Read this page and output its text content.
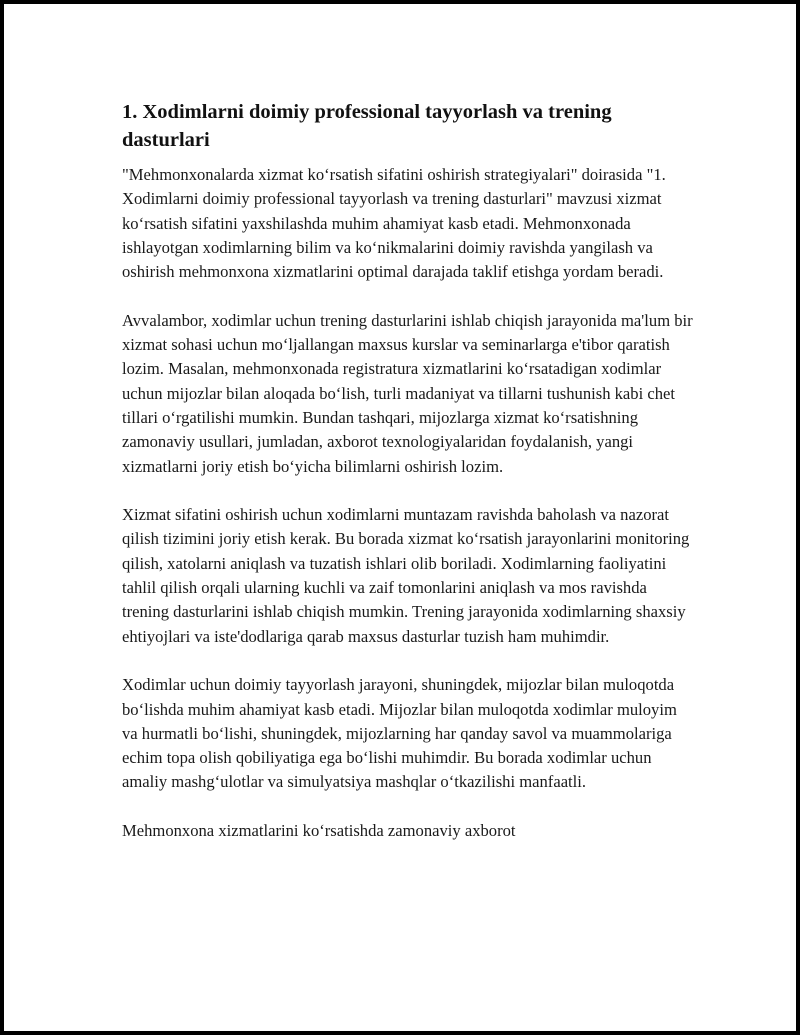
1. Xodimlarni doimiy professional tayyorlash va trening dasturlari

"Mehmonxonalarda xizmat koʻrsatish sifatini oshirish strategiyalari" doirasida "1. Xodimlarni doimiy professional tayyorlash va trening dasturlari" mavzusi xizmat koʻrsatish sifatini yaxshilashda muhim ahamiyat kasb etadi. Mehmonxonada ishlayotgan xodimlarning bilim va koʻnikmalarini doimiy ravishda yangilash va oshirish mehmonxona xizmatlarini optimal darajada taklif etishga yordam beradi.

Avvalambor, xodimlar uchun trening dasturlarini ishlab chiqish jarayonida ma'lum bir xizmat sohasi uchun moʻljallangan maxsus kurslar va seminarlarga e'tibor qaratish lozim. Masalan, mehmonxonada registratura xizmatlarini koʻrsatadigan xodimlar uchun mijozlar bilan aloqada boʻlish, turli madaniyat va tillarni tushunish kabi chet tillari oʻrgatilishi mumkin. Bundan tashqari, mijozlarga xizmat koʻrsatishning zamonaviy usullari, jumladan, axborot texnologiyalaridan foydalanish, yangi xizmatlarni joriy etish boʻyicha bilimlarni oshirish lozim.

Xizmat sifatini oshirish uchun xodimlarni muntazam ravishda baholash va nazorat qilish tizimini joriy etish kerak. Bu borada xizmat koʻrsatish jarayonlarini monitoring qilish, xatolarni aniqlash va tuzatish ishlari olib boriladi. Xodimlarning faoliyatini tahlil qilish orqali ularning kuchli va zaif tomonlarini aniqlash va mos ravishda trening dasturlarini ishlab chiqish mumkin. Trening jarayonida xodimlarning shaxsiy ehtiyojlari va iste'dodlariga qarab maxsus dasturlar tuzish ham muhimdir.

Xodimlar uchun doimiy tayyorlash jarayoni, shuningdek, mijozlar bilan muloqotda boʻlishda muhim ahamiyat kasb etadi. Mijozlar bilan muloqotda xodimlar muloyim va hurmatli boʻlishi, shuningdek, mijozlarning har qanday savol va muammolariga echim topa olish qobiliyatiga ega boʻlishi muhimdir. Bu borada xodimlar uchun amaliy mashgʻulotlar va simulyatsiya mashqlar oʻtkazilishi manfaatli.

Mehmonxona xizmatlarini koʻrsatishda zamonaviy axborot
